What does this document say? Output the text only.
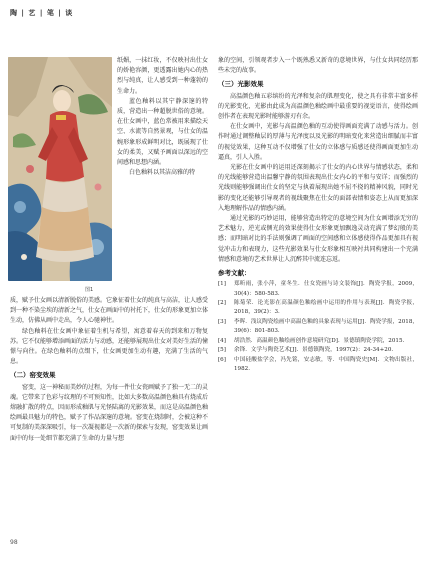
陶 | 艺 | 笔 | 谈
图1

纸媚，一抹红妆，不仅映衬出仕女的娇艳容颜，更透露出她内心的热烈与纯真，让人感受到一种蓬勃的生命力。

蓝色釉料以其宁静深邃的特质，营造出一种超脱世俗的意境。在仕女画中，蓝色常被用来描绘天空、水流等自然景观，与仕女的温婉形象形成鲜明对比，既展现了仕女的柔美，又赋予画面以深远的空间感和思想内涵。

白色釉料以其洁高雅的特

质，赋予仕女画以清新脱俗的美感。它象征着仕女的纯真与高洁，让人感受到一种不染尘埃的清新之气，仕女在画面中的衬托下，仕女的形象更加立体生动，仿佛从画中走出，令人心驰神往。

绿色釉料在仕女画中象征着生机与希望，寓意着春天的到来和万物复苏。它不仅能够增添画面的活力与动感，还能够展现出仕女对美好生活的憧憬与向往。在绿色釉料的点缀下，仕女画更加生动有趣，充满了生活的气息。

（二）窑变效果

窑变，这一神秘而美妙的过程，为每一件仕女瓷画赋予了独一无二的灵魂。它带来了色彩与纹理的不可预知性，比如大多数高温颜色釉具有烧成后熔融扩散的特点，因而形成釉肌与光怪陆离的光影效果，而这是高温颜色釉绘画最具魅力的特色，赋予了作品深邃的意境。窑变在烧制时，会被这种不可复制的美深深吸引，每一次凝视都是一次新的探索与发现，窑变效果让画面中的每一处细节都充满了生命的力量与想

象的空间，引领观者步入一个既熟悉又新奇的意境世界，与仕女共同经历那些未完的故事。

（三）光影效果

高温颜色釉五彩缤纷的光泽和复杂的肌理变化，使之具有非常丰富多样的光影变化，光影由此成为高温颜色釉绘画中最重要的视觉语言，使得绘画创作者在表现光影时能够游刃有余。

在仕女画中，光影与高温颜色釉的互动使得画面充满了动感与活力。创作时通过调整釉层的厚薄与光泽度以及光影的明暗变化来营造出细腻而丰富的视觉效果，这种互动不仅增强了仕女的立体感与质感还使得画面更加生动逼真，引人入胜。

光影在仕女画中的运用还深刻揭示了仕女的内心世界与情感状态，柔和的光线能够营造出温馨宁静的氛围表现出仕女内心的平和与安详；而强烈的光线则能够强调出仕女的坚定与执着展现出她不屈不挠的精神风貌，同时光影的变化还能够引导观者的视线聚焦在仕女的面部表情和姿态上从而更加深入地理解作品的情感内涵。

通过光影的巧妙运用，能够营造出特定的意境空间为仕女画增添无穷的艺术魅力，逆光或侧光的效果使得仕女形象更加飘逸灵动充满了梦幻般的美感；而明暗对比的手法则强调了画面的空间感和立体感使得作品更加具有视觉冲击力和表现力，这些光影效果与仕女形象相互映衬共同构建出一个充满情感和意境的艺术世界让人沉醉其中流连忘返。

参考文献：
[1]	郑昕雨，张小萍，童冬生．仕女瓷画与诗文装饰[J]．陶瓷学报，2009，30(4)：580-583.
[2]	陈菊荣．论光影在高温颜色釉绘画中运用的作用与表现[J]．陶瓷学报，2018，39(2)：3.
[3]	李晖．浅议陶瓷绘画中高温色釉的具象表现与运用[J]．陶瓷学报，2018，39(6)：801-803.
[4]	胡浩然．高温颜色釉绘画创作意境研究[D]．景德镇陶瓷学院，2015.
[5]	余锋．文学与陶瓷艺术[J]．景德镇陶瓷，1997(2)：24-34+20.
[6]	中国硅酸盐学会，冯先铭，安志敏，等．中国陶瓷史[M]．文物出版社，1982.
98
